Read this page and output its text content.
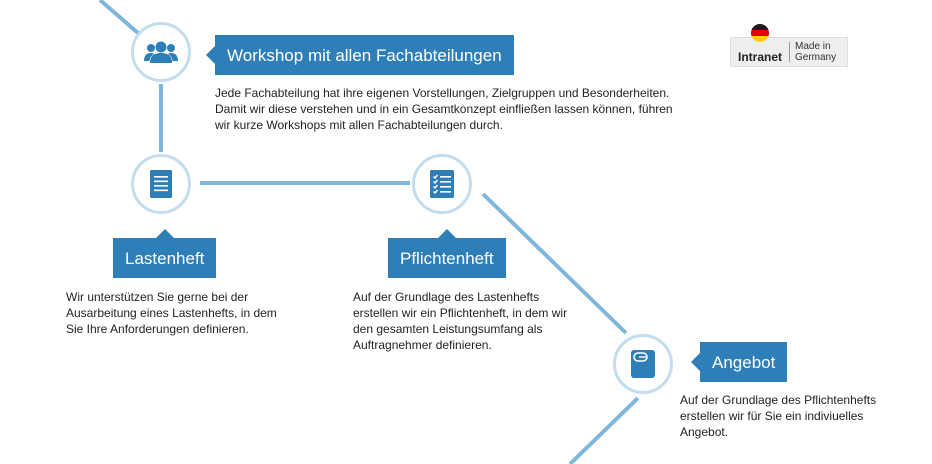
Workshop mit allen Fachabteilungen
Jede Fachabteilung hat ihre eigenen Vorstellungen, Zielgruppen und Besonderheiten. Damit wir diese verstehen und in ein Gesamtkonzept einfließen lassen können, führen wir kurze Workshops mit allen Fachabteilungen durch.
Lastenheft
Wir unterstützen Sie gerne bei der Ausarbeitung eines Lastenhefts, in dem Sie Ihre Anforderungen definieren.
Pflichtenheft
Auf der Grundlage des Lastenhefts erstellen wir ein Pflichtenheft, in dem wir den gesamten Leistungsumfang als Auftragnehmer definieren.
Angebot
Auf der Grundlage des Pflichtenhefts erstellen wir für Sie ein indiviuelles Angebot.
Intranet
Made in
Germany
